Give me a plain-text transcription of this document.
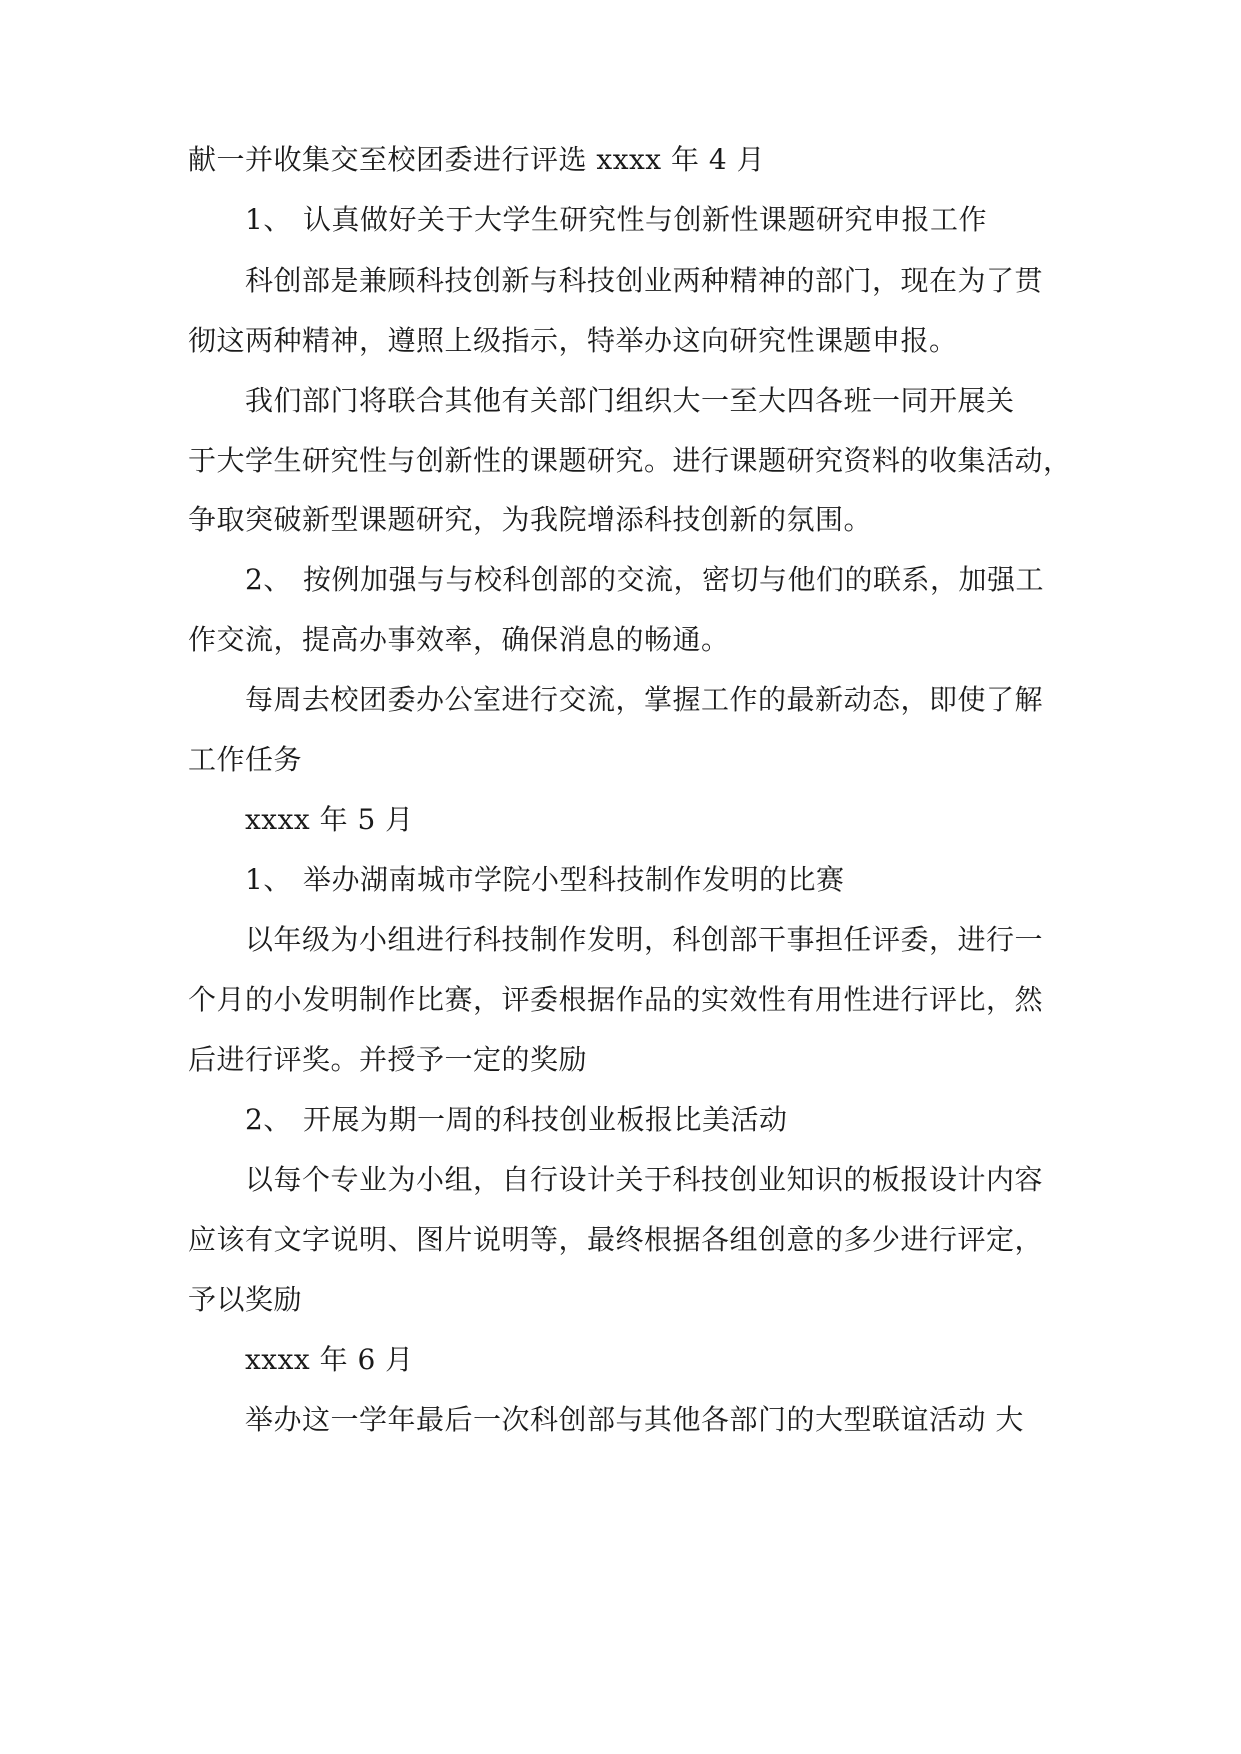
献一并收集交至校团委进行评选 xxxx 年 4 月
1、 认真做好关于大学生研究性与创新性课题研究申报工作
科创部是兼顾科技创新与科技创业两种精神的部门，现在为了贯
彻这两种精神，遵照上级指示，特举办这向研究性课题申报。
我们部门将联合其他有关部门组织大一至大四各班一同开展关
于大学生研究性与创新性的课题研究。进行课题研究资料的收集活动，
争取突破新型课题研究，为我院增添科技创新的氛围。
2、 按例加强与与校科创部的交流，密切与他们的联系，加强工
作交流，提高办事效率，确保消息的畅通。
每周去校团委办公室进行交流，掌握工作的最新动态，即使了解
工作任务
xxxx 年 5 月
1、 举办湖南城市学院小型科技制作发明的比赛
以年级为小组进行科技制作发明，科创部干事担任评委，进行一
个月的小发明制作比赛，评委根据作品的实效性有用性进行评比，然
后进行评奖。并授予一定的奖励
2、 开展为期一周的科技创业板报比美活动
以每个专业为小组，自行设计关于科技创业知识的板报设计内容
应该有文字说明、图片说明等，最终根据各组创意的多少进行评定，
予以奖励
xxxx 年 6 月
举办这一学年最后一次科创部与其他各部门的大型联谊活动 大
